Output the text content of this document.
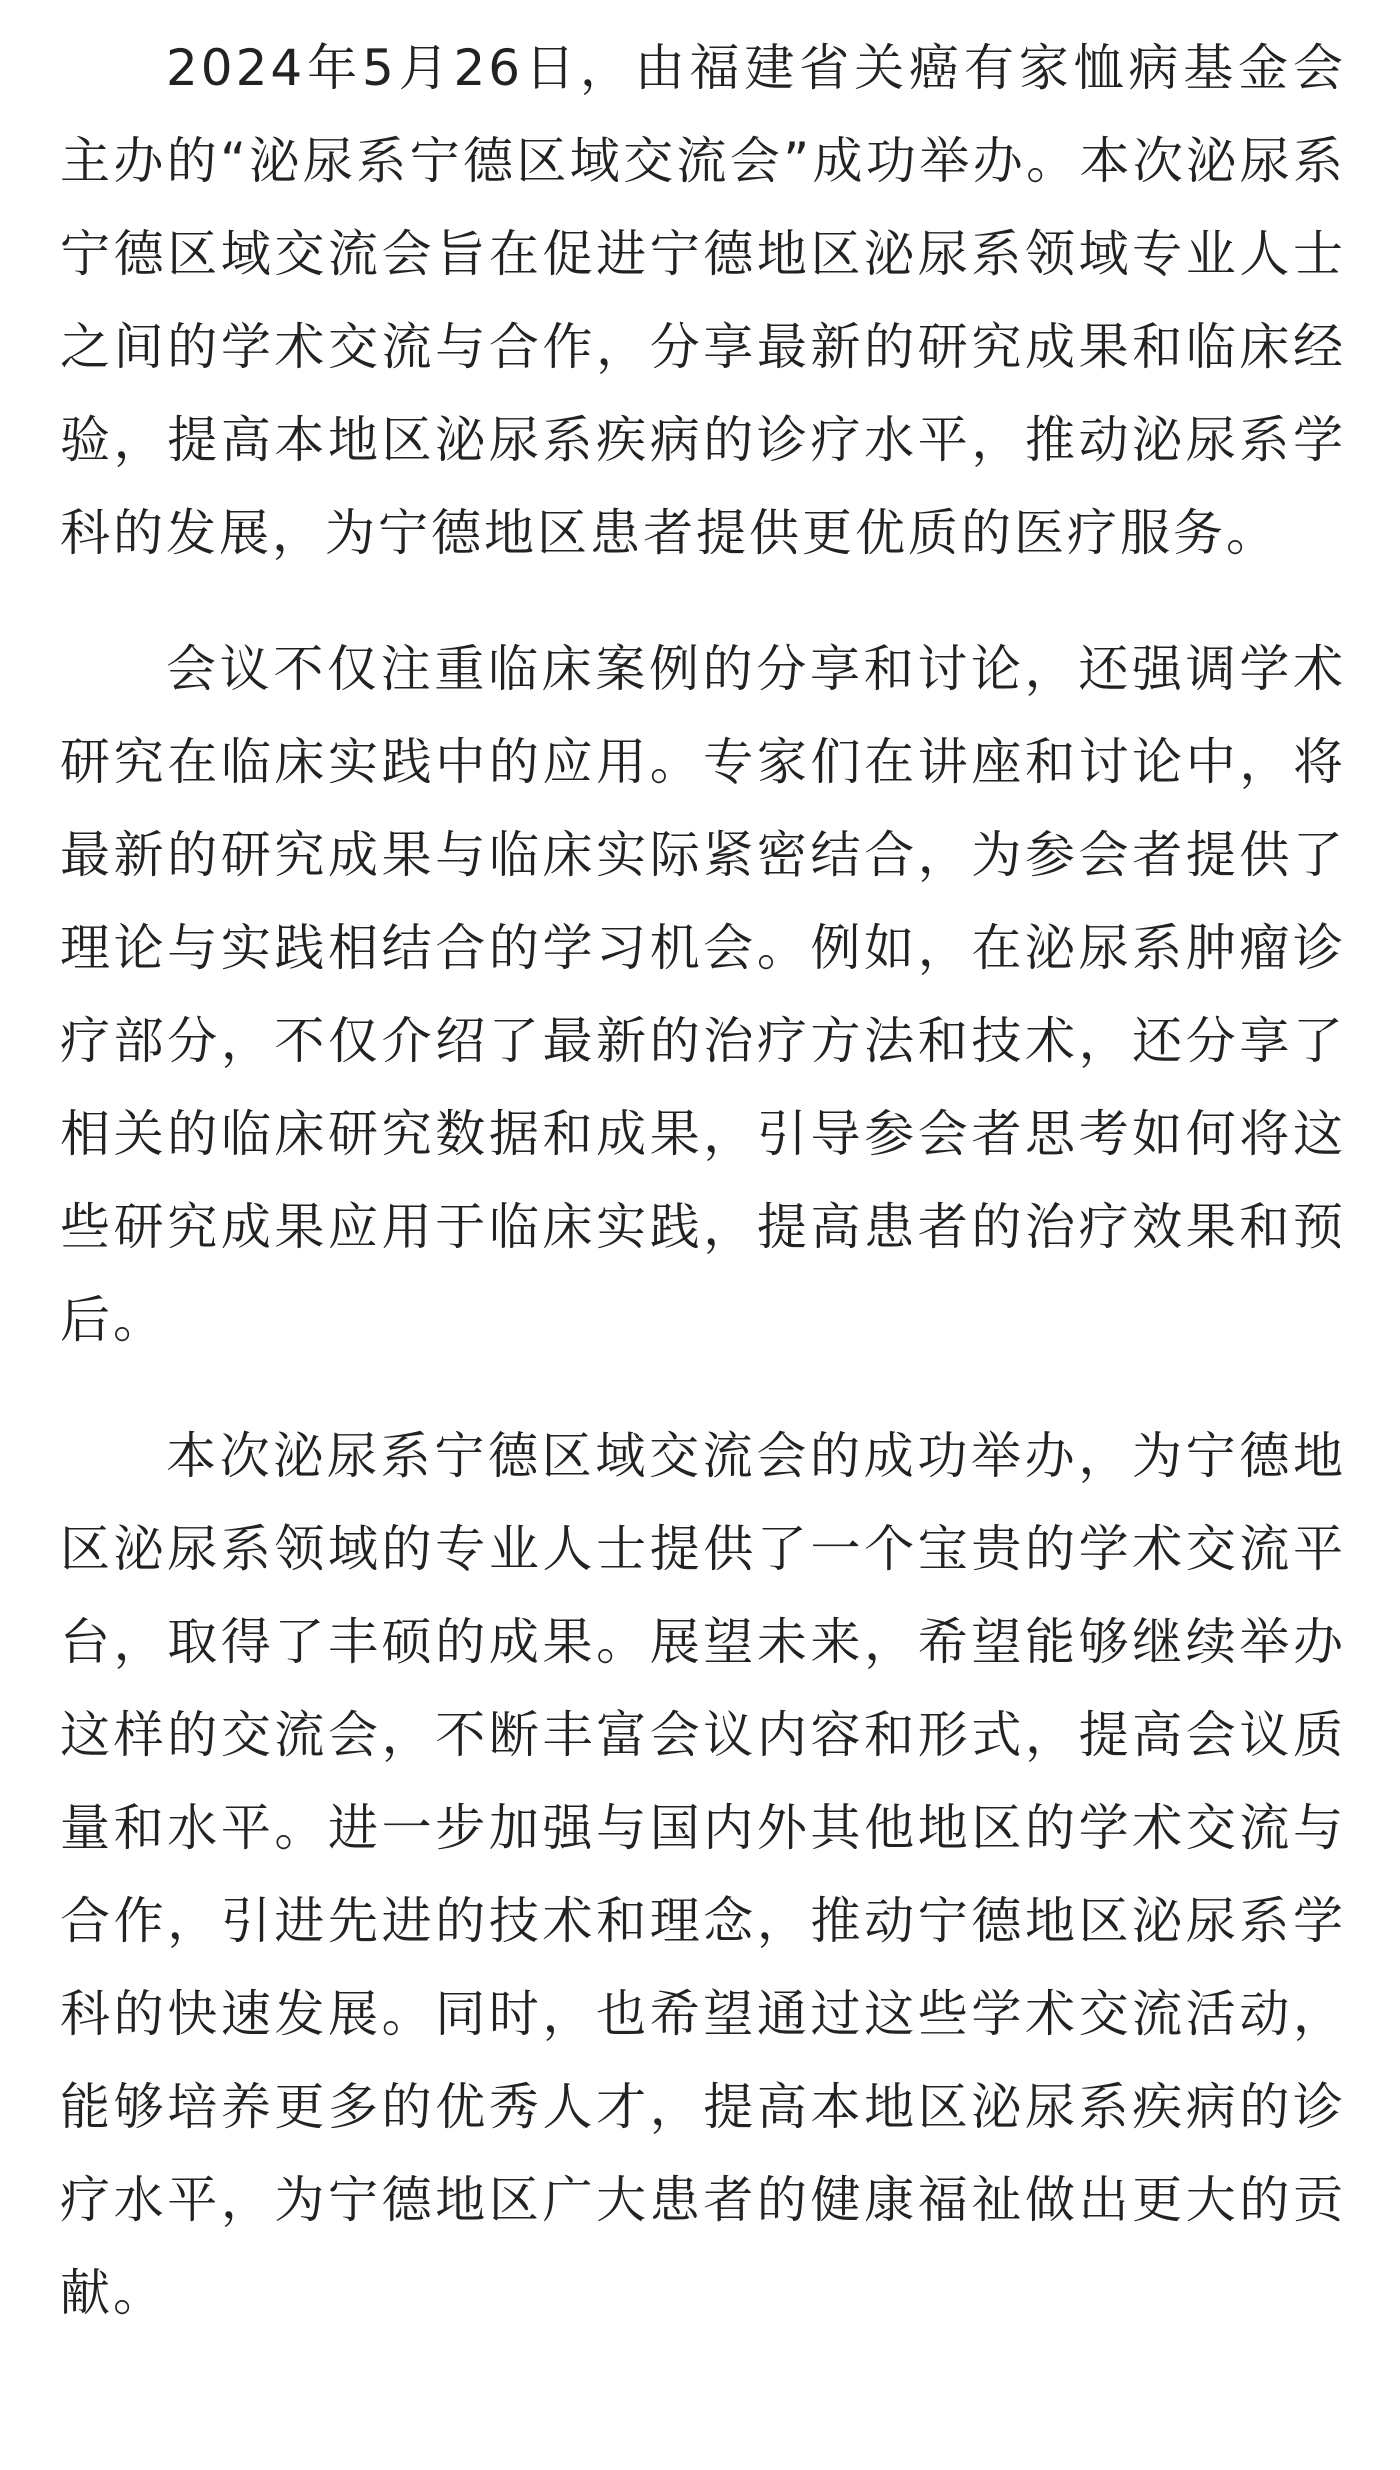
2024年5月26日，由福建省关癌有家恤病基金会主办的“泌尿系宁德区域交流会”成功举办。本次泌尿系宁德区域交流会旨在促进宁德地区泌尿系领域专业人士之间的学术交流与合作，分享最新的研究成果和临床经验，提高本地区泌尿系疾病的诊疗水平，推动泌尿系学科的发展，为宁德地区患者提供更优质的医疗服务。

会议不仅注重临床案例的分享和讨论，还强调学术研究在临床实践中的应用。专家们在讲座和讨论中，将最新的研究成果与临床实际紧密结合，为参会者提供了理论与实践相结合的学习机会。例如，在泌尿系肿瘤诊疗部分，不仅介绍了最新的治疗方法和技术，还分享了相关的临床研究数据和成果，引导参会者思考如何将这些研究成果应用于临床实践，提高患者的治疗效果和预后。

本次泌尿系宁德区域交流会的成功举办，为宁德地区泌尿系领域的专业人士提供了一个宝贵的学术交流平台，取得了丰硕的成果。展望未来，希望能够继续举办这样的交流会，不断丰富会议内容和形式，提高会议质量和水平。进一步加强与国内外其他地区的学术交流与合作，引进先进的技术和理念，推动宁德地区泌尿系学科的快速发展。同时，也希望通过这些学术交流活动，能够培养更多的优秀人才，提高本地区泌尿系疾病的诊疗水平，为宁德地区广大患者的健康福祉做出更大的贡献。
